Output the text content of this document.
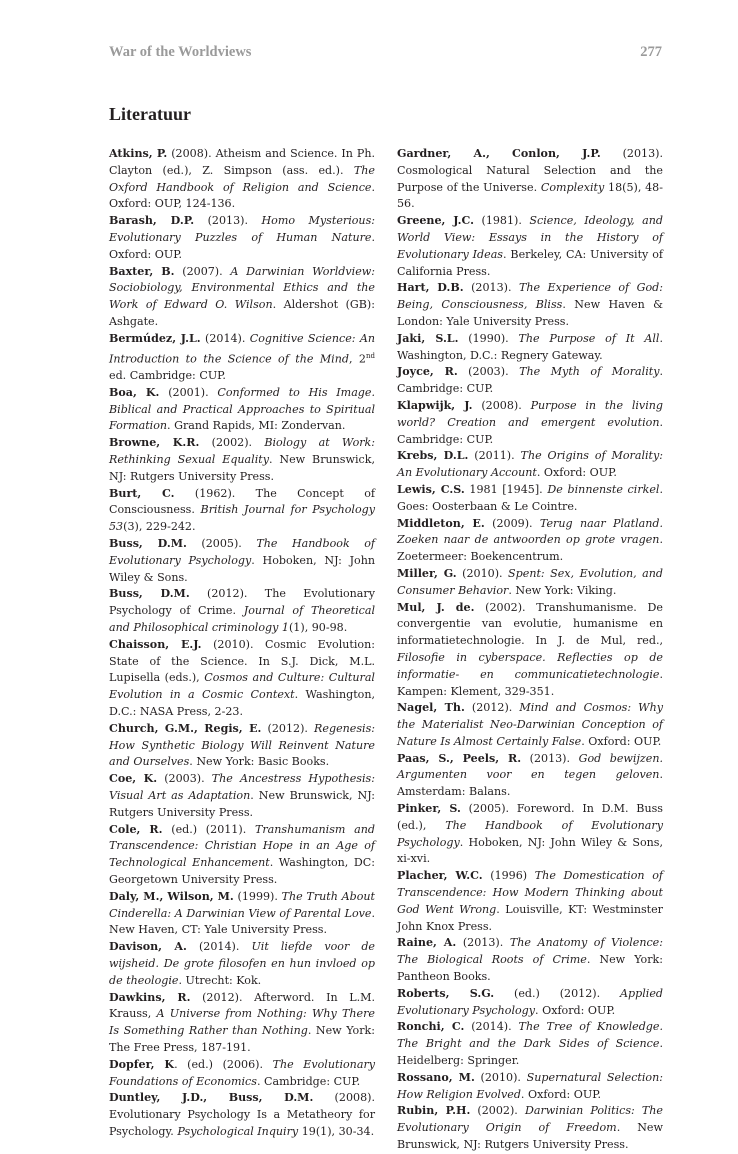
War of the Worldviews	277
Literatuur

Atkins, P. (2008). Atheism and Science. In Ph. Clayton (ed.), Z. Simpson (ass. ed.). The Oxford Handbook of Religion and Science. Oxford: OUP, 124-136.

Barash, D.P. (2013). Homo Mysterious: Evolutionary Puzzles of Human Nature. Oxford: OUP.

Baxter, B. (2007). A Darwinian Worldview: Sociobiology, Environmental Ethics and the Work of Edward O. Wilson. Aldershot (GB): Ashgate.

Bermúdez, J.L. (2014). Cognitive Science: An Introduction to the Science of the Mind, 2nd ed. Cambridge: CUP.

Boa, K. (2001). Conformed to His Image. Biblical and Practical Approaches to Spiritual Formation. Grand Rapids, MI: Zondervan.

Browne, K.R. (2002). Biology at Work: Rethinking Sexual Equality. New Brunswick, NJ: Rutgers University Press.

Burt, C. (1962). The Concept of Consciousness. British Journal for Psychology 53(3), 229-242.

Buss, D.M. (2005). The Handbook of Evolutionary Psychology. Hoboken, NJ: John Wiley & Sons.

Buss, D.M. (2012). The Evolutionary Psychology of Crime. Journal of Theoretical and Philosophical criminology 1(1), 90-98.

Chaisson, E.J. (2010). Cosmic Evolution: State of the Science. In S.J. Dick, M.L. Lupisella (eds.), Cosmos and Culture: Cultural Evolution in a Cosmic Context. Washington, D.C.: NASA Press, 2-23.

Church, G.M., Regis, E. (2012). Regenesis: How Synthetic Biology Will Reinvent Nature and Ourselves. New York: Basic Books.

Coe, K. (2003). The Ancestress Hypothesis: Visual Art as Adaptation. New Brunswick, NJ: Rutgers University Press.

Cole, R. (ed.) (2011). Transhumanism and Transcendence: Christian Hope in an Age of Technological Enhancement. Washington, DC: Georgetown University Press.

Daly, M., Wilson, M. (1999). The Truth About Cinderella: A Darwinian View of Parental Love. New Haven, CT: Yale University Press.

Davison, A. (2014). Uit liefde voor de wijsheid. De grote filosofen en hun invloed op de theologie. Utrecht: Kok.

Dawkins, R. (2012). Afterword. In L.M. Krauss, A Universe from Nothing: Why There Is Something Rather than Nothing. New York: The Free Press, 187-191.

Dopfer, K. (ed.) (2006). The Evolutionary Foundations of Economics. Cambridge: CUP.

Duntley, J.D., Buss, D.M. (2008). Evolutionary Psychology Is a Metatheory for Psychology. Psychological Inquiry 19(1), 30-34.

Gardner, A., Conlon, J.P. (2013). Cosmological Natural Selection and the Purpose of the Universe. Complexity 18(5), 48-56.

Greene, J.C. (1981). Science, Ideology, and World View: Essays in the History of Evolutionary Ideas. Berkeley, CA: University of California Press.

Hart, D.B. (2013). The Experience of God: Being, Consciousness, Bliss. New Haven & London: Yale University Press.

Jaki, S.L. (1990). The Purpose of It All. Washington, D.C.: Regnery Gateway.

Joyce, R. (2003). The Myth of Morality. Cambridge: CUP.

Klapwijk, J. (2008). Purpose in the living world? Creation and emergent evolution. Cambridge: CUP.

Krebs, D.L. (2011). The Origins of Morality: An Evolutionary Account. Oxford: OUP.

Lewis, C.S. 1981 [1945]. De binnenste cirkel. Goes: Oosterbaan & Le Cointre.

Middleton, E. (2009). Terug naar Platland. Zoeken naar de antwoorden op grote vragen. Zoetermeer: Boekencentrum.

Miller, G. (2010). Spent: Sex, Evolution, and Consumer Behavior. New York: Viking.

Mul, J. de. (2002). Transhumanisme. De convergentie van evolutie, humanisme en informatietechnologie. In J. de Mul, red., Filosofie in cyberspace. Reflecties op de informatie- en communicatietechnologie. Kampen: Klement, 329-351.

Nagel, Th. (2012). Mind and Cosmos: Why the Materialist Neo-Darwinian Conception of Nature Is Almost Certainly False. Oxford: OUP.

Paas, S., Peels, R. (2013). God bewijzen. Argumenten voor en tegen geloven. Amsterdam: Balans.

Pinker, S. (2005). Foreword. In D.M. Buss (ed.), The Handbook of Evolutionary Psychology. Hoboken, NJ: John Wiley & Sons, xi-xvi.

Placher, W.C. (1996) The Domestication of Transcendence: How Modern Thinking about God Went Wrong. Louisville, KT: Westminster John Knox Press.

Raine, A. (2013). The Anatomy of Violence: The Biological Roots of Crime. New York: Pantheon Books.

Roberts, S.G. (ed.) (2012). Applied Evolutionary Psychology. Oxford: OUP.

Ronchi, C. (2014). The Tree of Knowledge. The Bright and the Dark Sides of Science. Heidelberg: Springer.

Rossano, M. (2010). Supernatural Selection: How Religion Evolved. Oxford: OUP.

Rubin, P.H. (2002). Darwinian Politics: The Evolutionary Origin of Freedom. New Brunswick, NJ: Rutgers University Press.
